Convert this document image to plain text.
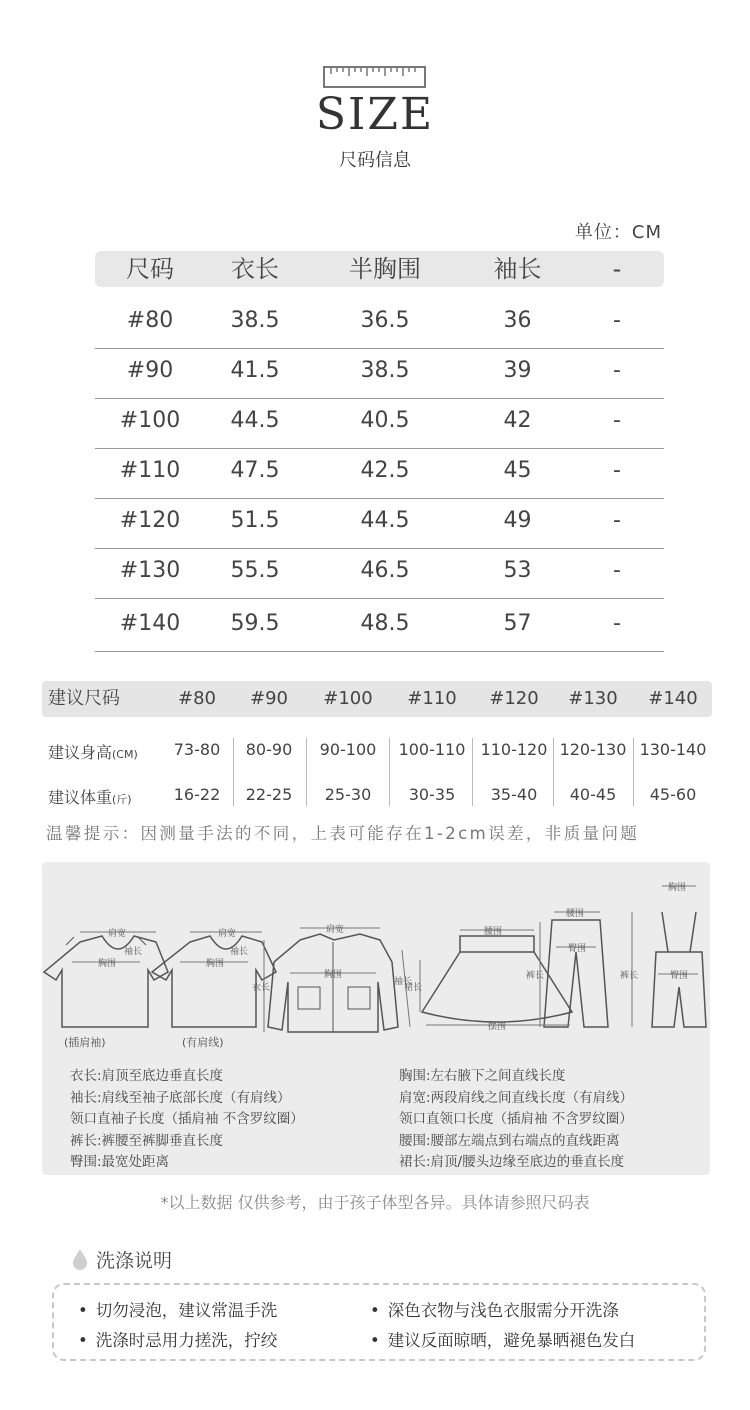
SIZE
尺码信息
单位：CM
尺码	衣长	半胸围	袖长	-
#80	38.5	36.5	36	-
#90	41.5	38.5	39	-
#100	44.5	40.5	42	-
#110	47.5	42.5	45	-
#120	51.5	44.5	49	-
#130	55.5	46.5	53	-
#140	59.5	48.5	57	-
建议尺码	#80	#90	#100	#110	#120	#130	#140
建议身高(CM)	73-80	80-90	90-100	100-110 110-120 120-130 130-140
建议体重(斤)	16-22	22-25	25-30	30-35	35-40	40-45	45-60
温馨提示：因测量手法的不同，上表可能存在1-2cm误差，非质量问题
肩宽	肩宽
胸围	胸围
袖长	袖长
肩宽
胸围
衣长
袖长
腰围
裙长
摆围
腰围
臀围
裤长
胸围
裤长	臀围
(插肩袖)	(有肩线)
衣长:肩顶至底边垂直长度
袖长:肩线至袖子底部长度（有肩线）
领口直袖子长度（插肩袖 不含罗纹圈）
裤长:裤腰至裤脚垂直长度
臀围:最宽处距离
胸围:左右腋下之间直线长度
肩宽:两段肩线之间直线长度（有肩线）
领口直领口长度（插肩袖 不含罗纹圈）
腰围:腰部左端点到右端点的直线距离
裙长:肩顶/腰头边缘至底边的垂直长度
*以上数据 仅供参考，由于孩子体型各异。具体请参照尺码表
洗涤说明
• 切勿浸泡，建议常温手洗	• 深色衣物与浅色衣服需分开洗涤
• 洗涤时忌用力搓洗，拧绞	• 建议反面晾晒，避免暴晒褪色发白
